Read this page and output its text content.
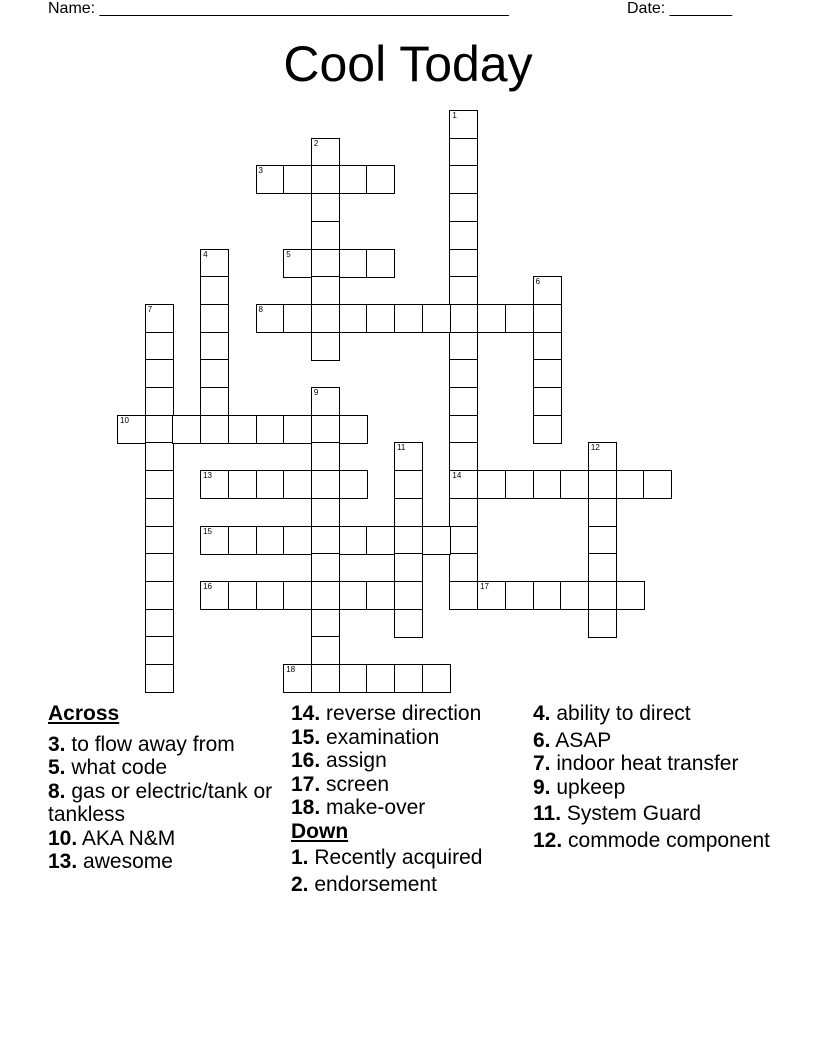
Name: ______________________________________________	Date: _______
Cool Today
1
14
2
3
4	5
6
7	8
9
10
11	12
13
15
16	17
18
Across
3. to flow away from
5. what code
8. gas or electric/tank or tankless
10. AKA N&M
13. awesome
14. reverse direction
15. examination
16. assign
17. screen
18. make-over
Down
1. Recently acquired
2. endorsement
4. ability to direct
6. ASAP
7. indoor heat transfer
9. upkeep
11. System Guard
12. commode component
